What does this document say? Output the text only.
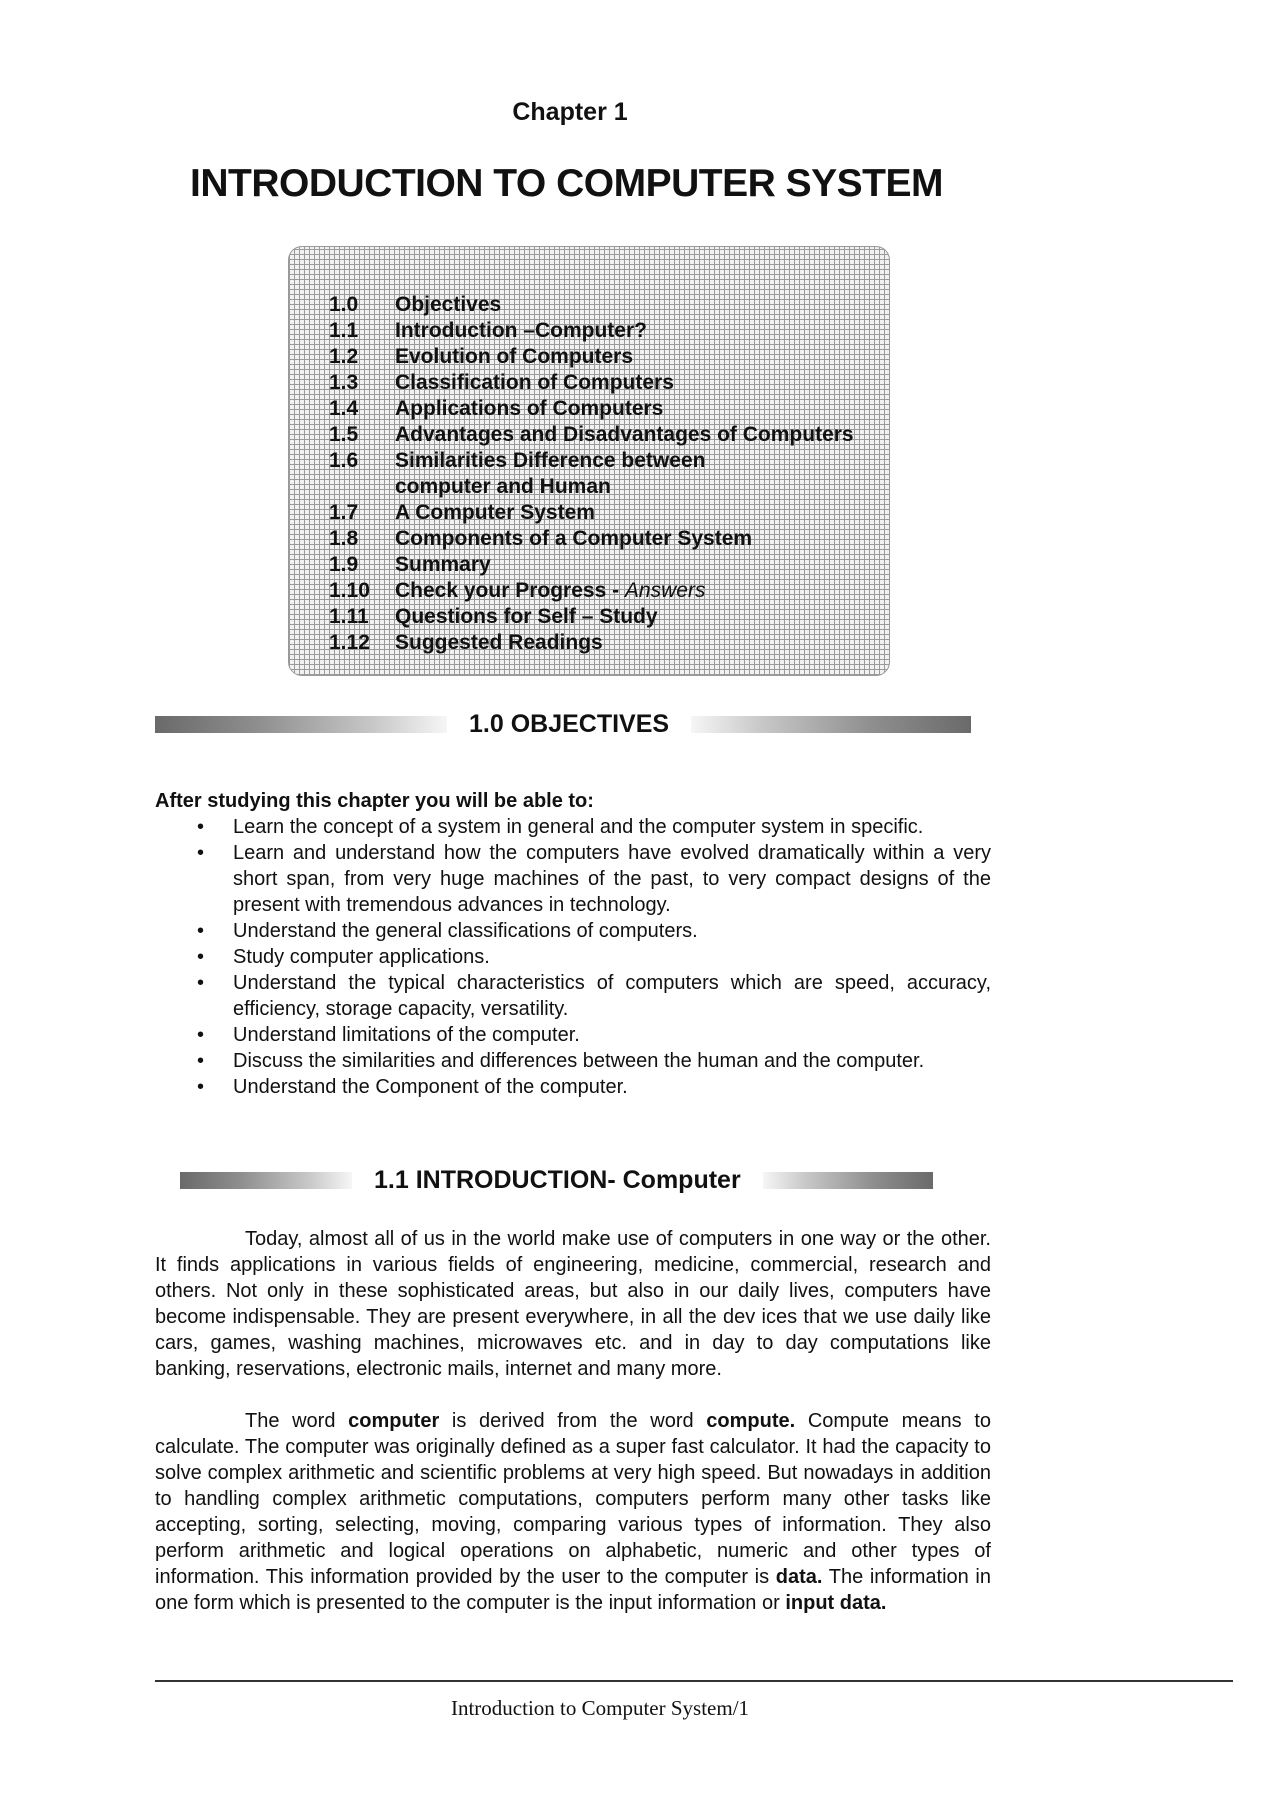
Chapter 1
INTRODUCTION TO COMPUTER SYSTEM
1.0	Objectives
1.1	Introduction –Computer?
1.2	Evolution of Computers
1.3	Classification of Computers
1.4	Applications of Computers
1.5	Advantages and Disadvantages of Computers
1.6	Similarities Difference between
computer and Human
1.7	A Computer System
1.8	Components of a Computer System
1.9	Summary
1.10	Check your Progress - Answers
1.11	Questions for Self – Study
1.12	Suggested Readings
1.0 OBJECTIVES
After studying this chapter you will be able to:
• Learn the concept of a system in general and the computer system in specific.
• Learn and understand how the computers have evolved dramatically within a very short span, from very huge machines of the past, to very compact designs of the present with tremendous advances in technology.
• Understand the general classifications of computers.
• Study computer applications.
• Understand the typical characteristics of computers which are speed, accuracy, efficiency, storage capacity, versatility.
• Understand limitations of the computer.
• Discuss the similarities and differences between the human and the computer.
• Understand the Component of the computer.
1.1 INTRODUCTION- Computer

Today, almost all of us in the world make use of computers in one way or the other. It finds applications in various fields of engineering, medicine, commercial, research and others. Not only in these sophisticated areas, but also in our daily lives, computers have become indispensable. They are present everywhere, in all the dev ices that we use daily like cars, games, washing machines, microwaves etc. and in day to day computations like banking, reservations, electronic mails, internet and many more.

The word computer is derived from the word compute. Compute means to calculate. The computer was originally defined as a super fast calculator. It had the capacity to solve complex arithmetic and scientific problems at very high speed. But nowadays in addition to handling complex arithmetic computations, computers perform many other tasks like accepting, sorting, selecting, moving, comparing various types of information. They also perform arithmetic and logical operations on alphabetic, numeric and other types of information. This information provided by the user to the computer is data. The information in one form which is presented to the computer is the input information or input data.

Introduction to Computer System/1
